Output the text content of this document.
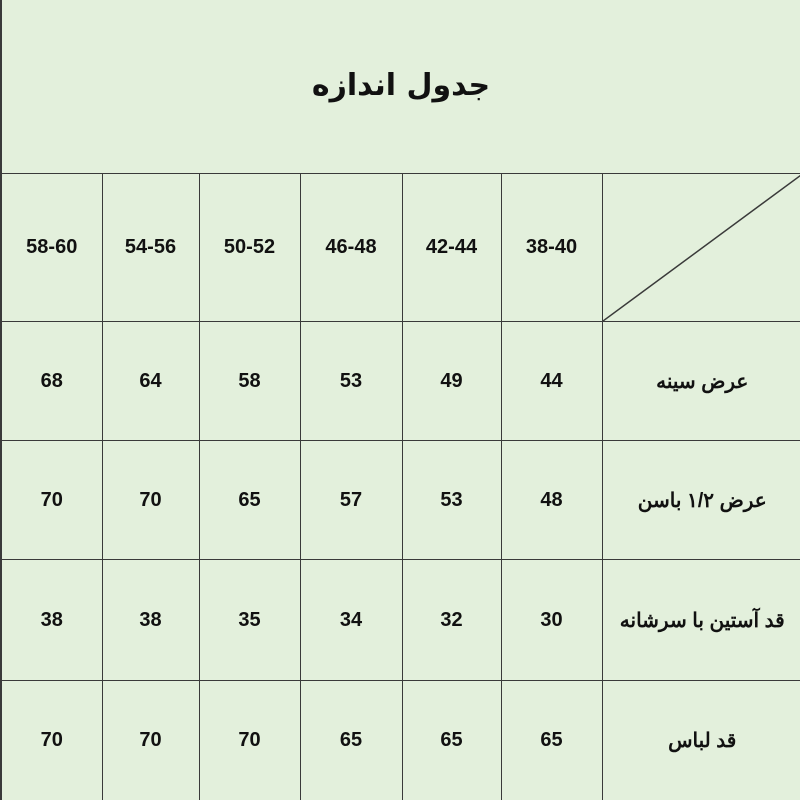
جدول اندازه
58-60	54-56	50-52	46-48	42-44	38-40	

68	64	58	53	49	44	عرض سینه
70	70	65	57	53	48	عرض ۱/۲ باسن
38	38	35	34	32	30	قد آستین با سرشانه
70	70	70	65	65	65	قد لباس
